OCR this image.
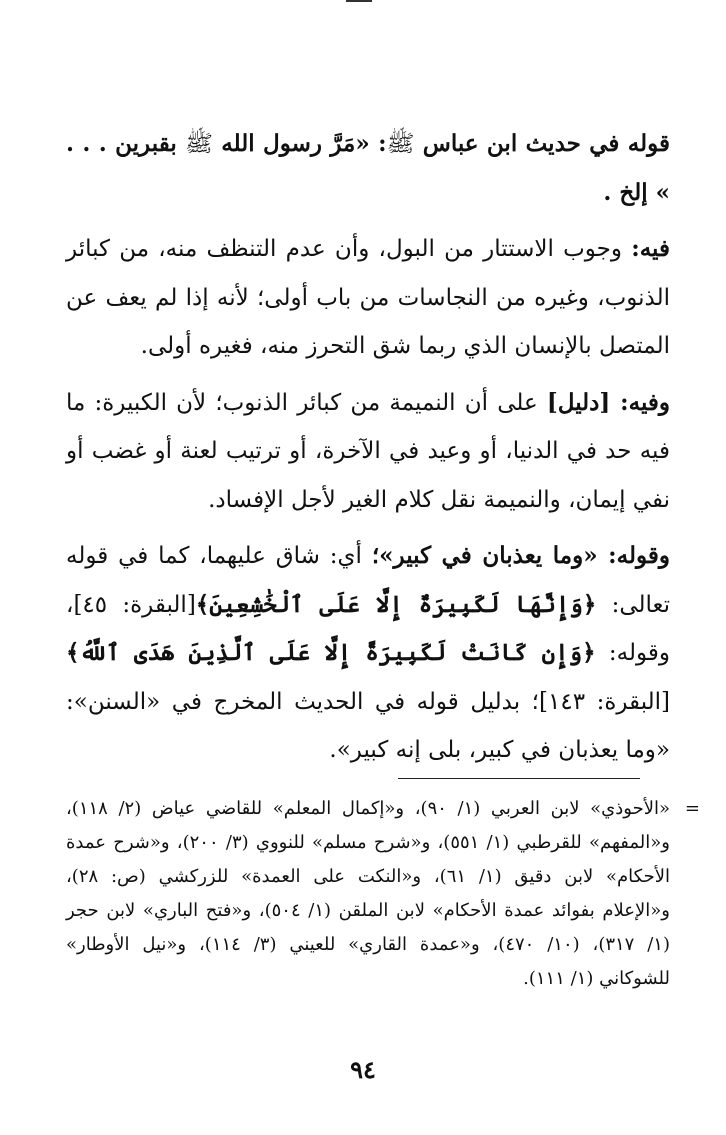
قوله في حديث ابن عباس ﷺ: «مَرَّ رسول الله ﷺ بقبرين . . . » إلخ .

فيه: وجوب الاستتار من البول، وأن عدم التنظف منه، من كبائر الذنوب، وغيره من النجاسات من باب أولى؛ لأنه إذا لم يعف عن المتصل بالإنسان الذي ربما شق التحرز منه، فغيره أولى.

وفيه: [دليل] على أن النميمة من كبائر الذنوب؛ لأن الكبيرة: ما فيه حد في الدنيا، أو وعيد في الآخرة، أو ترتيب لعنة أو غضب أو نفي إيمان، والنميمة نقل كلام الغير لأجل الإفساد.

وقوله: «وما يعذبان في كبير»؛ أي: شاق عليهما، كما في قوله تعالى: ﴿وَإِنَّهَا لَكَبِيرَةٌ إِلَّا عَلَى ٱلْخَٰشِعِينَ﴾[البقرة: ٤٥]، وقوله: ﴿وَإِن كَانَتْ لَكَبِيرَةً إِلَّا عَلَى ٱلَّذِينَ هَدَى ٱللَّهُ﴾[البقرة: ١٤٣]؛ بدليل قوله في الحديث المخرج في «السنن»: «وما يعذبان في كبير، بلى إنه كبير».

=
«الأحوذي» لابن العربي (١/ ٩٠)، و«إكمال المعلم» للقاضي عياض (٢/ ١١٨)، و«المفهم» للقرطبي (١/ ٥٥١)، و«شرح مسلم» للنووي (٣/ ٢٠٠)، و«شرح عمدة الأحكام» لابن دقيق (١/ ٦١)، و«النكت على العمدة» للزركشي (ص: ٢٨)، و«الإعلام بفوائد عمدة الأحكام» لابن الملقن (١/ ٥٠٤)، و«فتح الباري» لابن حجر (١/ ٣١٧)، (١٠/ ٤٧٠)، و«عمدة القاري» للعيني (٣/ ١١٤)، و«نيل الأوطار» للشوكاني (١/ ١١١).
٩٤
